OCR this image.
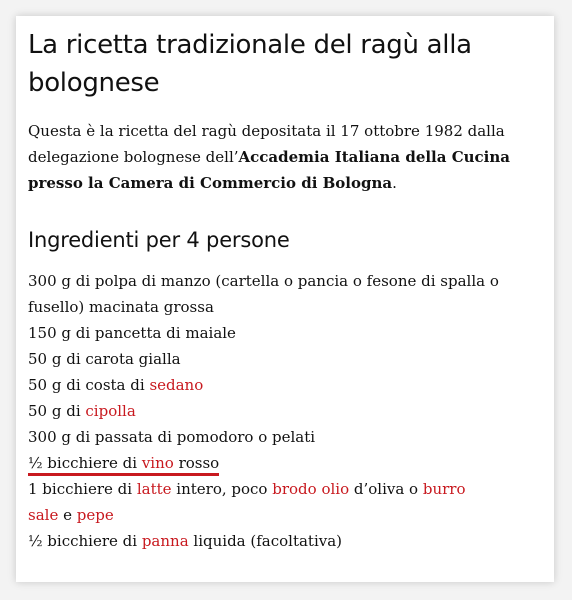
La ricetta tradizionale del ragù alla bolognese

Questa è la ricetta del ragù depositata il 17 ottobre 1982 dalla delegazione bolognese dell’Accademia Italiana della Cucina presso la Camera di Commercio di Bologna.

Ingredienti per 4 persone
300 g di polpa di manzo (cartella o pancia o fesone di spalla o fusello) macinata grossa
150 g di pancetta di maiale
50 g di carota gialla
50 g di costa di sedano
50 g di cipolla
300 g di passata di pomodoro o pelati
½ bicchiere di vino rosso
1 bicchiere di latte intero, poco brodo olio d’oliva o burro
sale e pepe
½ bicchiere di panna liquida (facoltativa)
